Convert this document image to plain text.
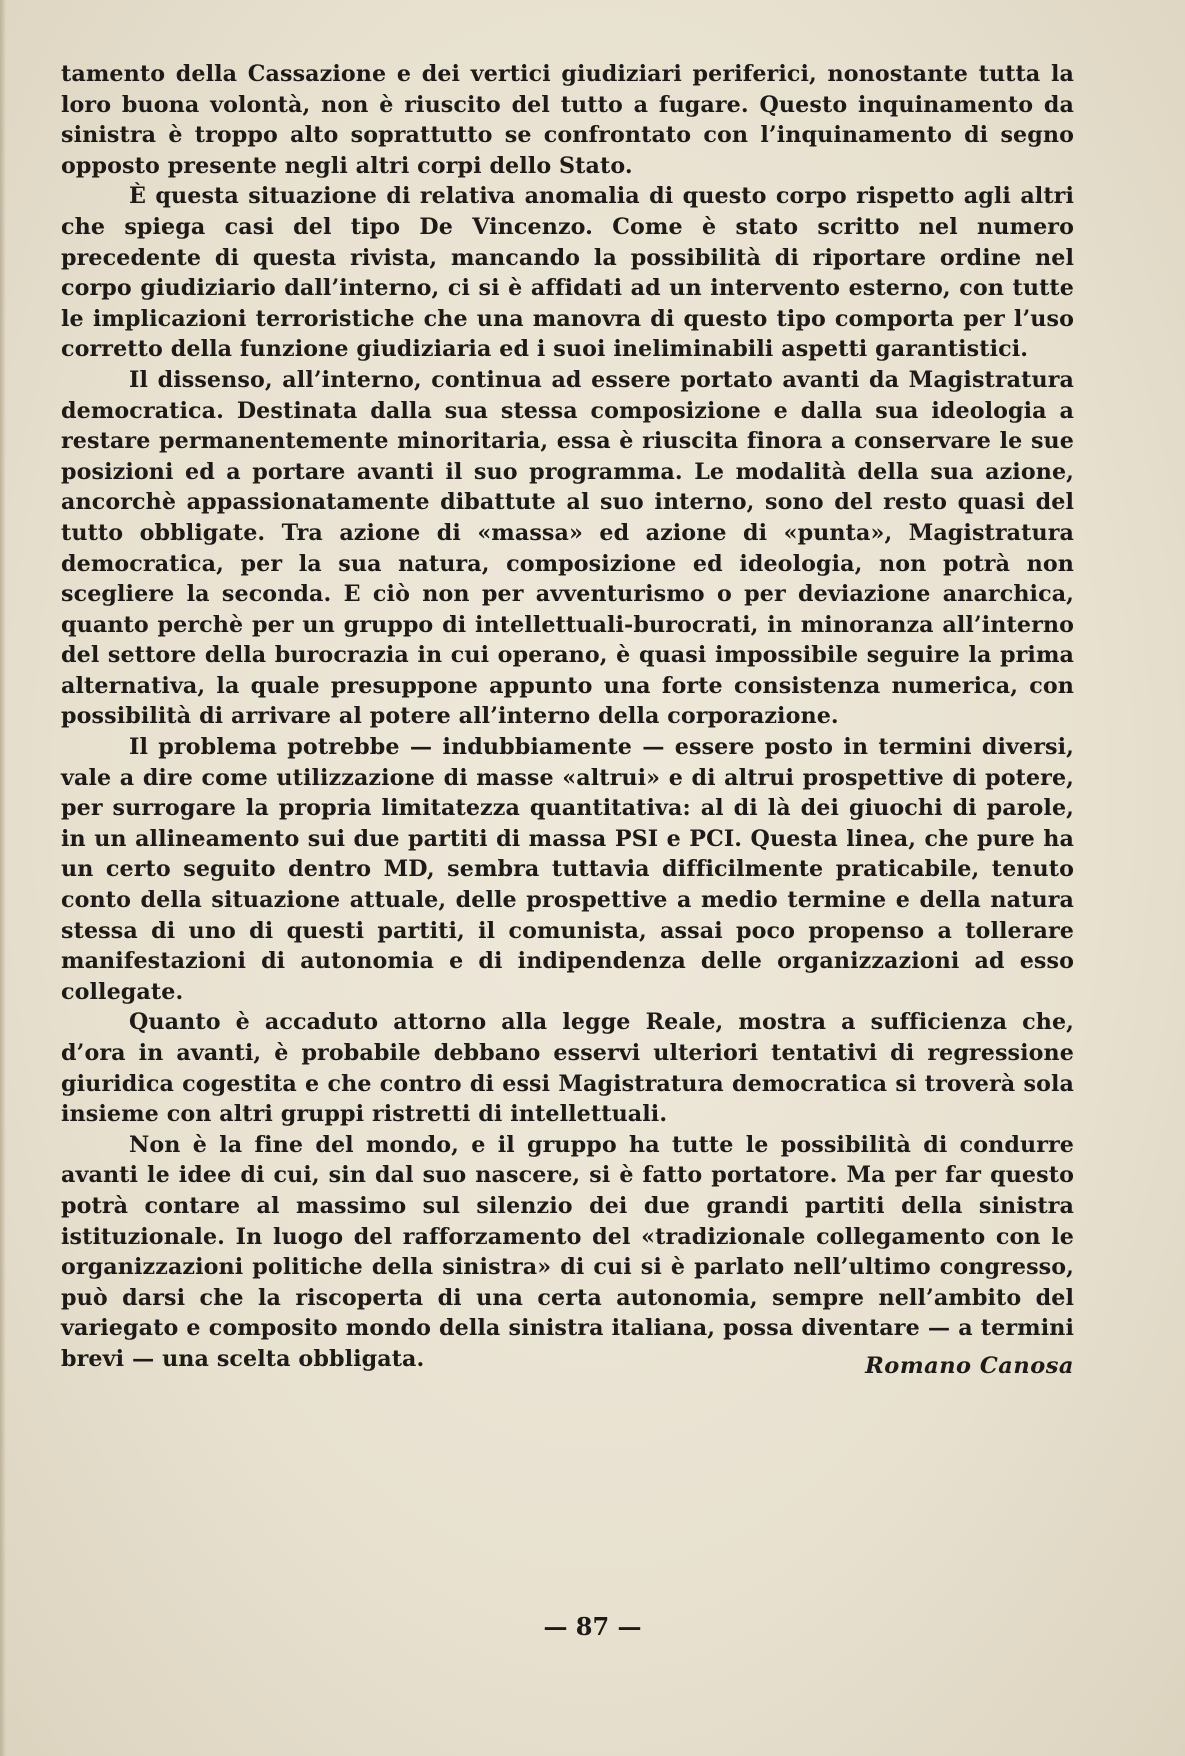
tamento della Cassazione e dei vertici giudiziari periferici, nonostante tutta la loro buona volontà, non è riuscito del tutto a fugare. Questo inquinamento da sinistra è troppo alto soprattutto se confrontato con l’inquinamento di segno opposto presente negli altri corpi dello Stato.

È questa situazione di relativa anomalia di questo corpo rispetto agli altri che spiega casi del tipo De Vincenzo. Come è stato scritto nel numero precedente di questa rivista, mancando la possibilità di riportare ordine nel corpo giudiziario dall’interno, ci si è affidati ad un intervento esterno, con tutte le implicazioni terroristiche che una manovra di questo tipo comporta per l’uso corretto della funzione giudiziaria ed i suoi ineliminabili aspetti garantistici.

Il dissenso, all’interno, continua ad essere portato avanti da Magistratura democratica. Destinata dalla sua stessa composizione e dalla sua ideologia a restare permanentemente minoritaria, essa è riuscita finora a conservare le sue posizioni ed a portare avanti il suo programma. Le modalità della sua azione, ancorchè appassionatamente dibattute al suo interno, sono del resto quasi del tutto obbligate. Tra azione di «massa» ed azione di «punta», Magistratura democratica, per la sua natura, composizione ed ideologia, non potrà non scegliere la seconda. E ciò non per avventurismo o per deviazione anarchica, quanto perchè per un gruppo di intellettuali-burocrati, in minoranza all’interno del settore della burocrazia in cui operano, è quasi impossibile seguire la prima alternativa, la quale presuppone appunto una forte consistenza numerica, con possibilità di arrivare al potere all’interno della corporazione.

Il problema potrebbe — indubbiamente — essere posto in termini diversi, vale a dire come utilizzazione di masse «altrui» e di altrui prospettive di potere, per surrogare la propria limitatezza quantitativa: al di là dei giuochi di parole, in un allineamento sui due partiti di massa PSI e PCI. Questa linea, che pure ha un certo seguito dentro MD, sembra tuttavia difficilmente praticabile, tenuto conto della situazione attuale, delle prospettive a medio termine e della natura stessa di uno di questi partiti, il comunista, assai poco propenso a tollerare manifestazioni di autonomia e di indipendenza delle organizzazioni ad esso collegate.

Quanto è accaduto attorno alla legge Reale, mostra a sufficienza che, d’ora in avanti, è probabile debbano esservi ulteriori tentativi di regressione giuridica cogestita e che contro di essi Magistratura democratica si troverà sola insieme con altri gruppi ristretti di intellettuali.

Non è la fine del mondo, e il gruppo ha tutte le possibilità di condurre avanti le idee di cui, sin dal suo nascere, si è fatto portatore. Ma per far questo potrà contare al massimo sul silenzio dei due grandi partiti della sinistra istituzionale. In luogo del rafforzamento del «tradizionale collegamento con le organizzazioni politiche della sinistra» di cui si è parlato nell’ultimo congresso, può darsi che la riscoperta di una certa autonomia, sempre nell’ambito del variegato e composito mondo della sinistra italiana, possa diventare — a termini brevi — una scelta obbligata.	Romano Canosa
— 87 —
